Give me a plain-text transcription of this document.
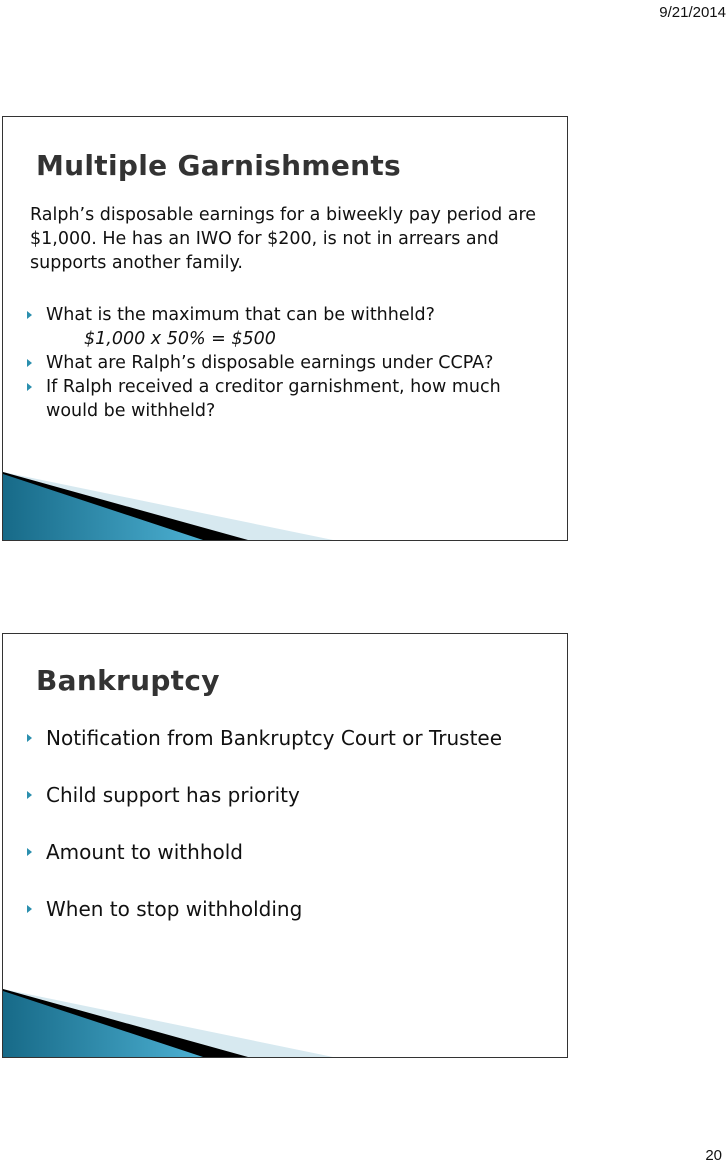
9/21/2014
Multiple Garnishments
Ralph’s disposable earnings for a biweekly pay period are $1,000. He has an IWO for $200, is not in arrears and supports another family.
What is the maximum that can be withheld?
$1,000 x 50% = $500
What are Ralph’s disposable earnings under CCPA?
If Ralph received a creditor garnishment, how much would be withheld?
Bankruptcy
Notification from Bankruptcy Court or Trustee
Child support has priority
Amount to withhold
When to stop withholding
20
